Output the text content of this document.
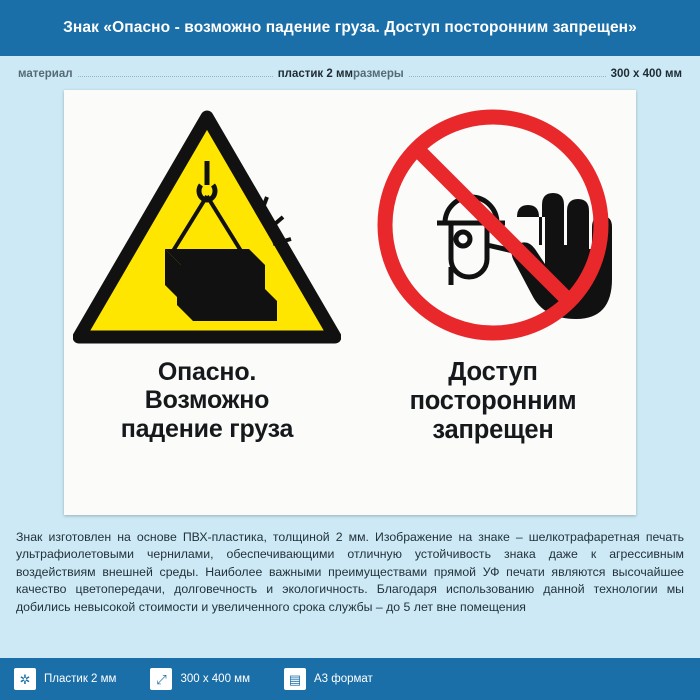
Знак «Опасно - возможно падение груза. Доступ посторонним запрещен»
материал	пластик 2 мм размеры	300 x 400 мм
Опасно.
Возможно
падение груза
Доступ
посторонним
запрещен
Знак изготовлен на основе ПВХ-пластика, толщиной 2 мм. Изображение на знаке – шелкотрафаретная печать ультрафиолетовыми чернилами, обеспечивающими отличную устойчивость знака даже к агрессивным воздействиям внешней среды. Наиболее важными преимуществами прямой УФ печати являются высочайшее качество цветопередачи, долговечность и экологичность. Благодаря использованию данной технологии мы добились невысокой стоимости и увеличенного срока службы – до 5 лет вне помещения
✲	Пластик 2 мм	⤢	300 x 400 мм	▤	A3 формат
